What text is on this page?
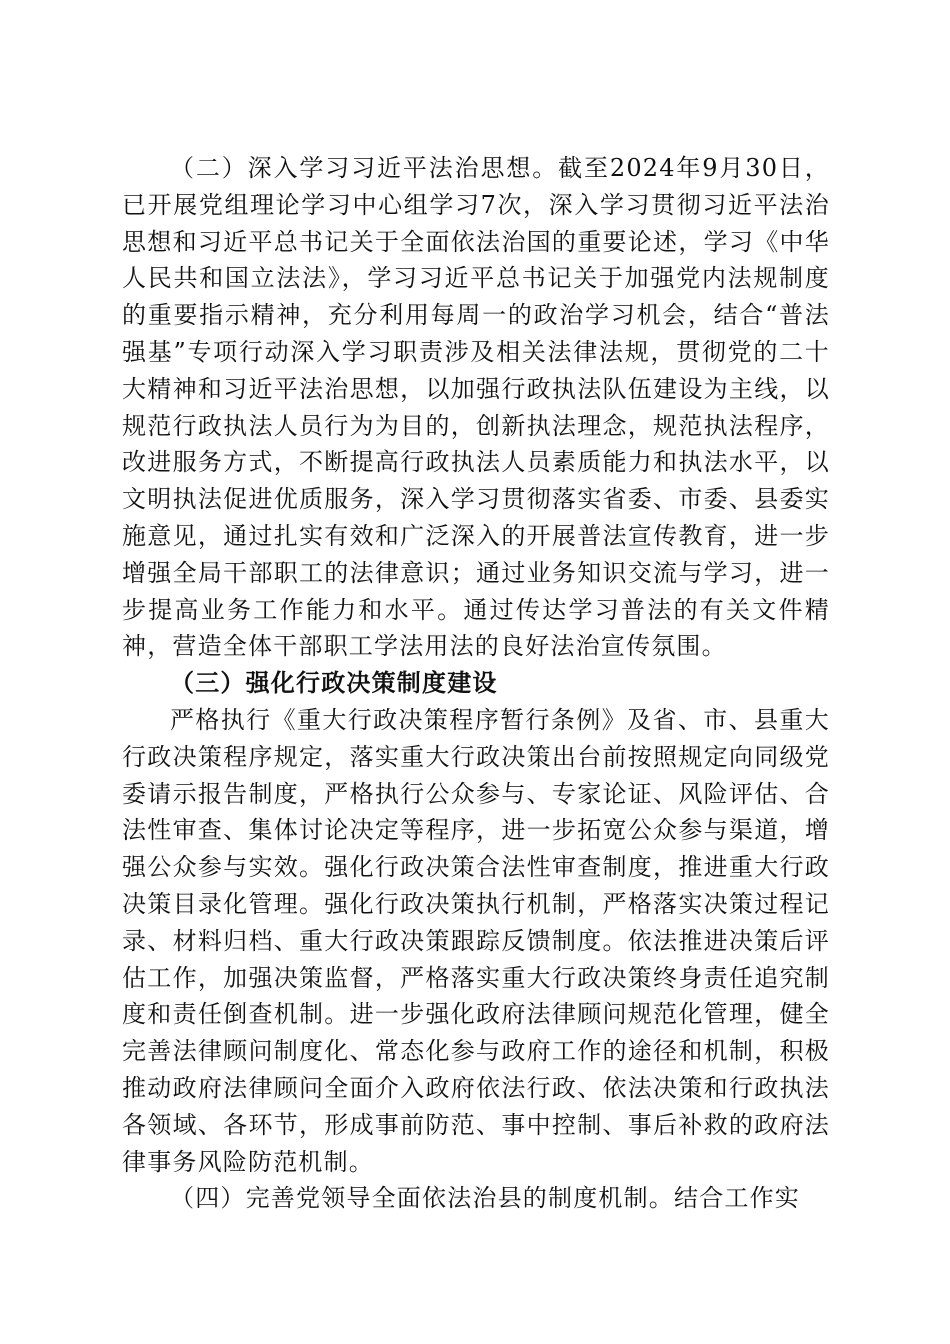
（二）深入学习习近平法治思想。截至2024年9月30日，已开展党组理论学习中心组学习7次，深入学习贯彻习近平法治思想和习近平总书记关于全面依法治国的重要论述，学习《中华人民共和国立法法》，学习习近平总书记关于加强党内法规制度的重要指示精神，充分利用每周一的政治学习机会，结合“普法强基”专项行动深入学习职责涉及相关法律法规，贯彻党的二十大精神和习近平法治思想，以加强行政执法队伍建设为主线，以规范行政执法人员行为为目的，创新执法理念，规范执法程序，改进服务方式，不断提高行政执法人员素质能力和执法水平，以文明执法促进优质服务，深入学习贯彻落实省委、市委、县委实施意见，通过扎实有效和广泛深入的开展普法宣传教育，进一步增强全局干部职工的法律意识；通过业务知识交流与学习，进一步提高业务工作能力和水平。通过传达学习普法的有关文件精神，营造全体干部职工学法用法的良好法治宣传氛围。

（三）强化行政决策制度建设

严格执行《重大行政决策程序暂行条例》及省、市、县重大行政决策程序规定，落实重大行政决策出台前按照规定向同级党委请示报告制度，严格执行公众参与、专家论证、风险评估、合法性审查、集体讨论决定等程序，进一步拓宽公众参与渠道，增强公众参与实效。强化行政决策合法性审查制度，推进重大行政决策目录化管理。强化行政决策执行机制，严格落实决策过程记录、材料归档、重大行政决策跟踪反馈制度。依法推进决策后评估工作，加强决策监督，严格落实重大行政决策终身责任追究制度和责任倒查机制。进一步强化政府法律顾问规范化管理，健全完善法律顾问制度化、常态化参与政府工作的途径和机制，积极推动政府法律顾问全面介入政府依法行政、依法决策和行政执法各领域、各环节，形成事前防范、事中控制、事后补救的政府法律事务风险防范机制。

（四）完善党领导全面依法治县的制度机制。结合工作实
